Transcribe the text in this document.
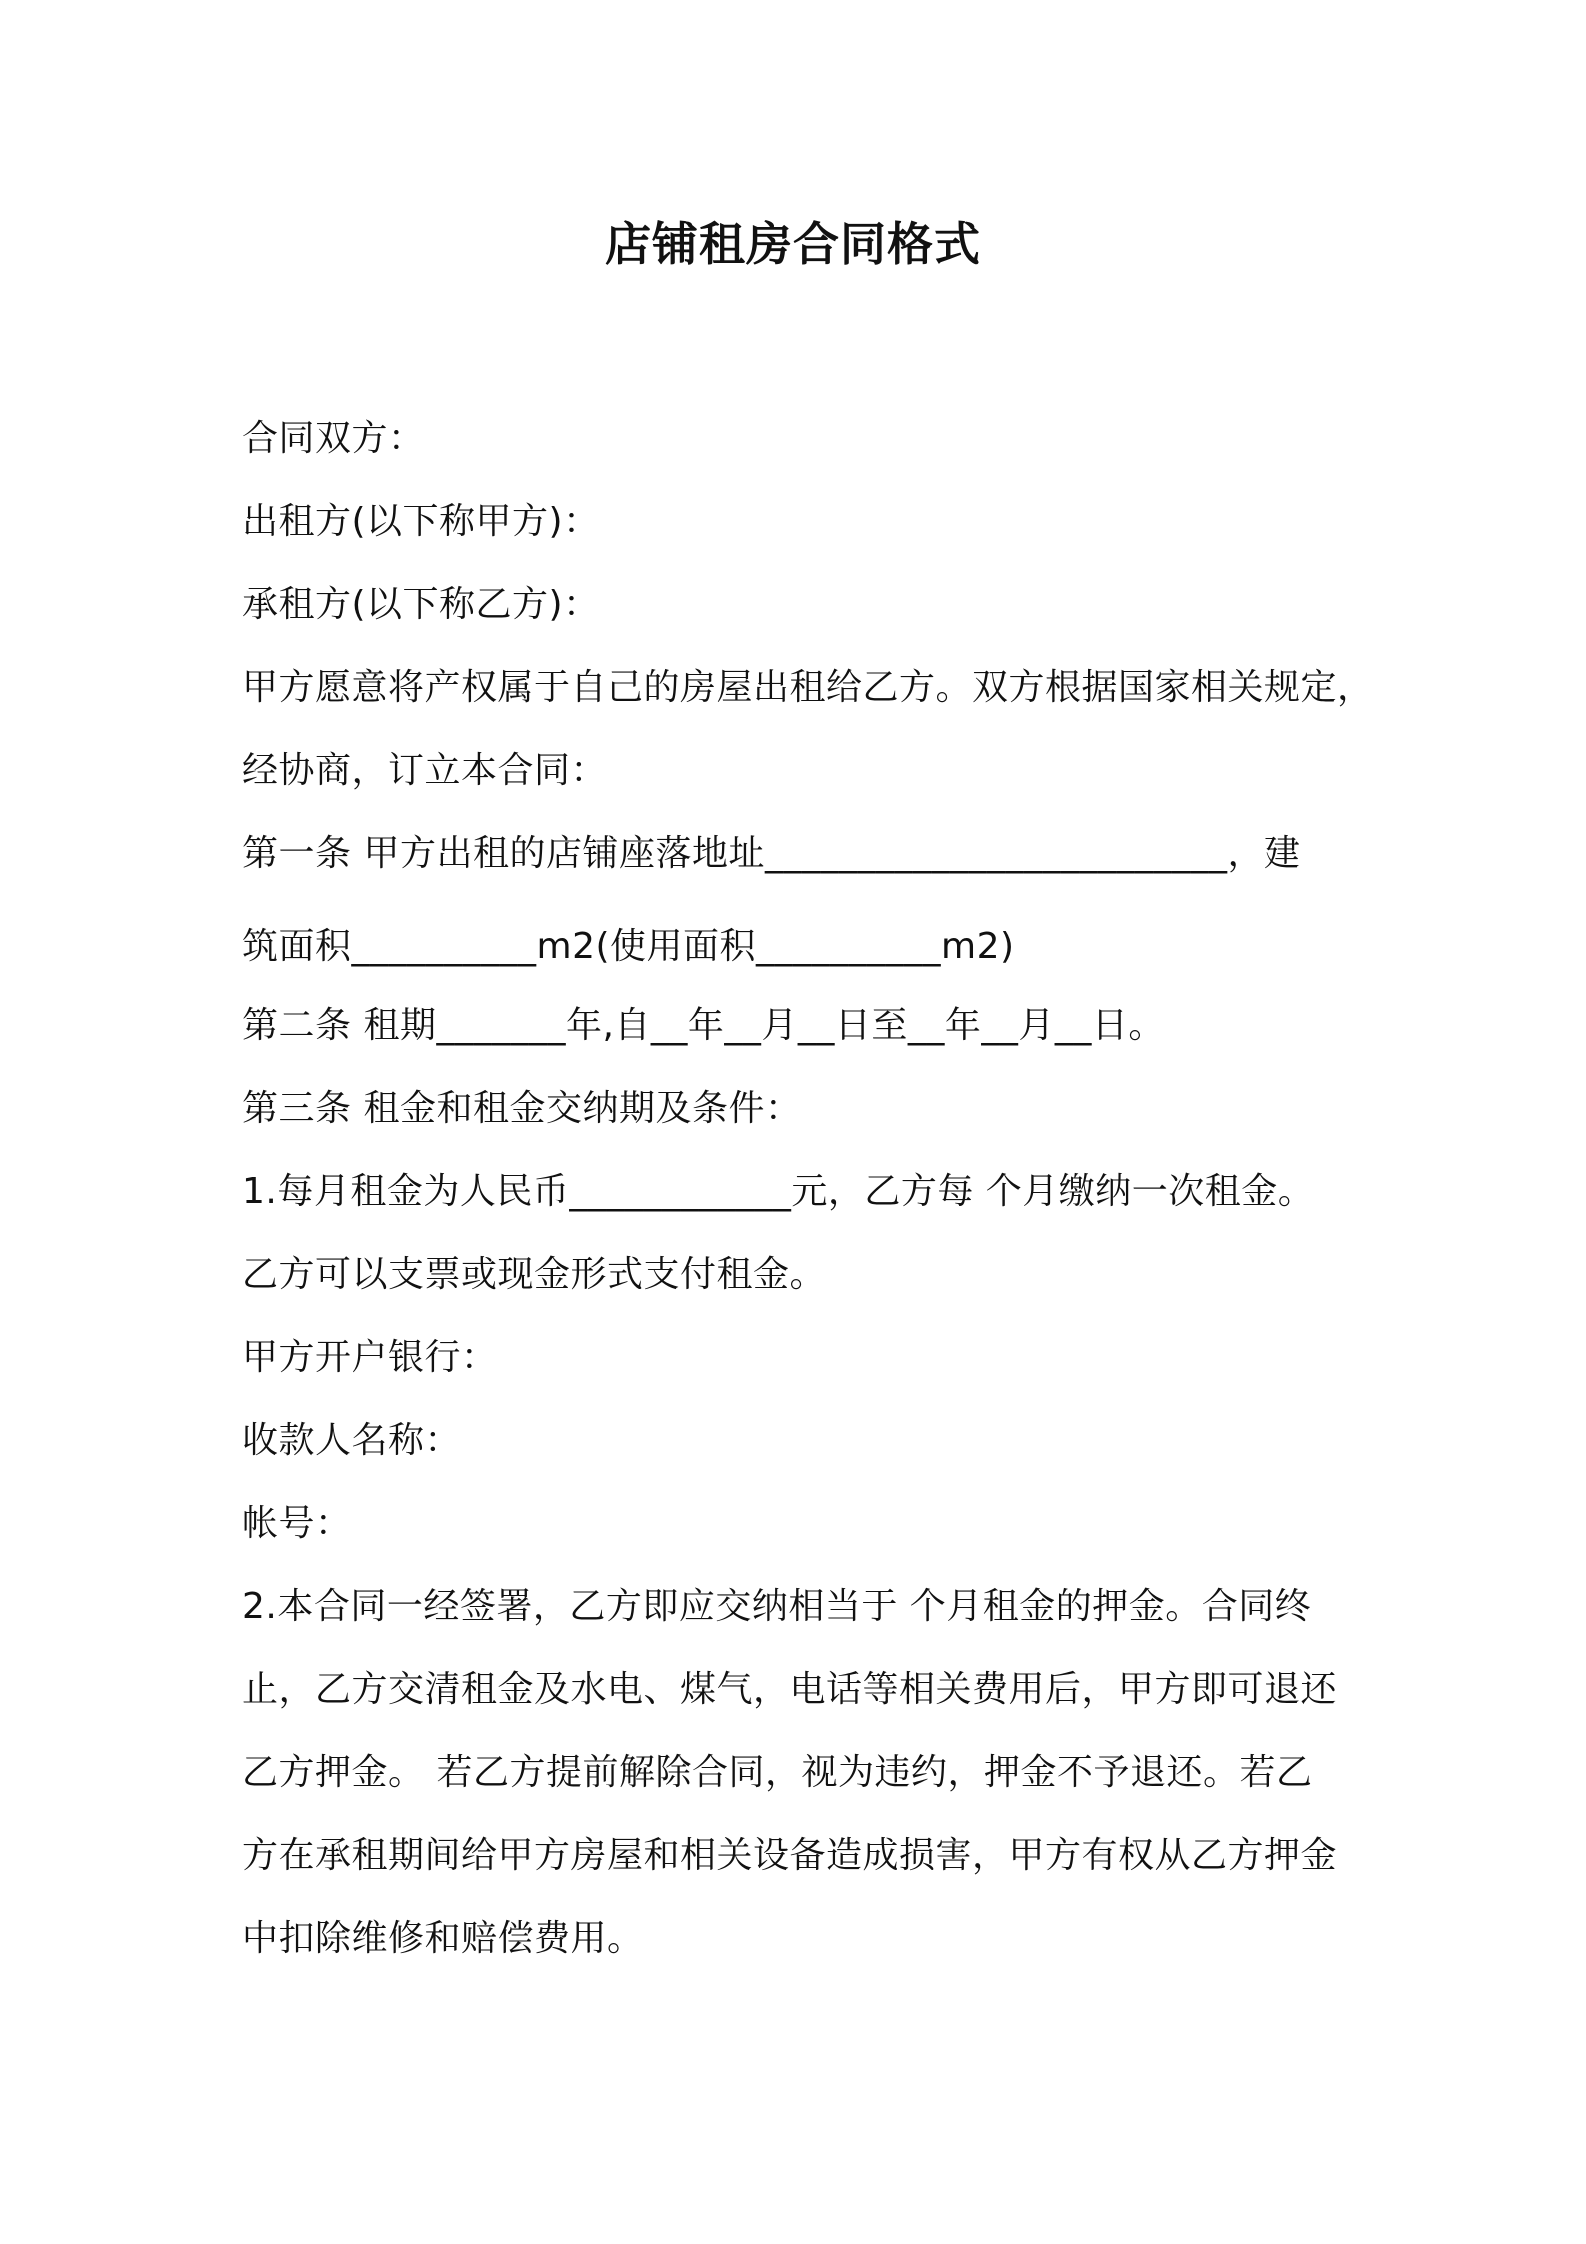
店铺租房合同格式
合同双方：
出租方(以下称甲方)：
承租方(以下称乙方)：
甲方愿意将产权属于自己的房屋出租给乙方。双方根据国家相关规定，
经协商，订立本合同：
第一条 甲方出租的店铺座落地址_________________________，建
筑面积__________m2(使用面积__________m2)
第二条 租期_______年,自__年__月__日至__年__月__日。
第三条 租金和租金交纳期及条件：
1.每月租金为人民币____________元，乙方每 个月缴纳一次租金。
乙方可以支票或现金形式支付租金。
甲方开户银行：
收款人名称：
帐号：
2.本合同一经签署，乙方即应交纳相当于 个月租金的押金。合同终
止，乙方交清租金及水电、煤气，电话等相关费用后，甲方即可退还
乙方押金。 若乙方提前解除合同，视为违约，押金不予退还。若乙
方在承租期间给甲方房屋和相关设备造成损害，甲方有权从乙方押金
中扣除维修和赔偿费用。
